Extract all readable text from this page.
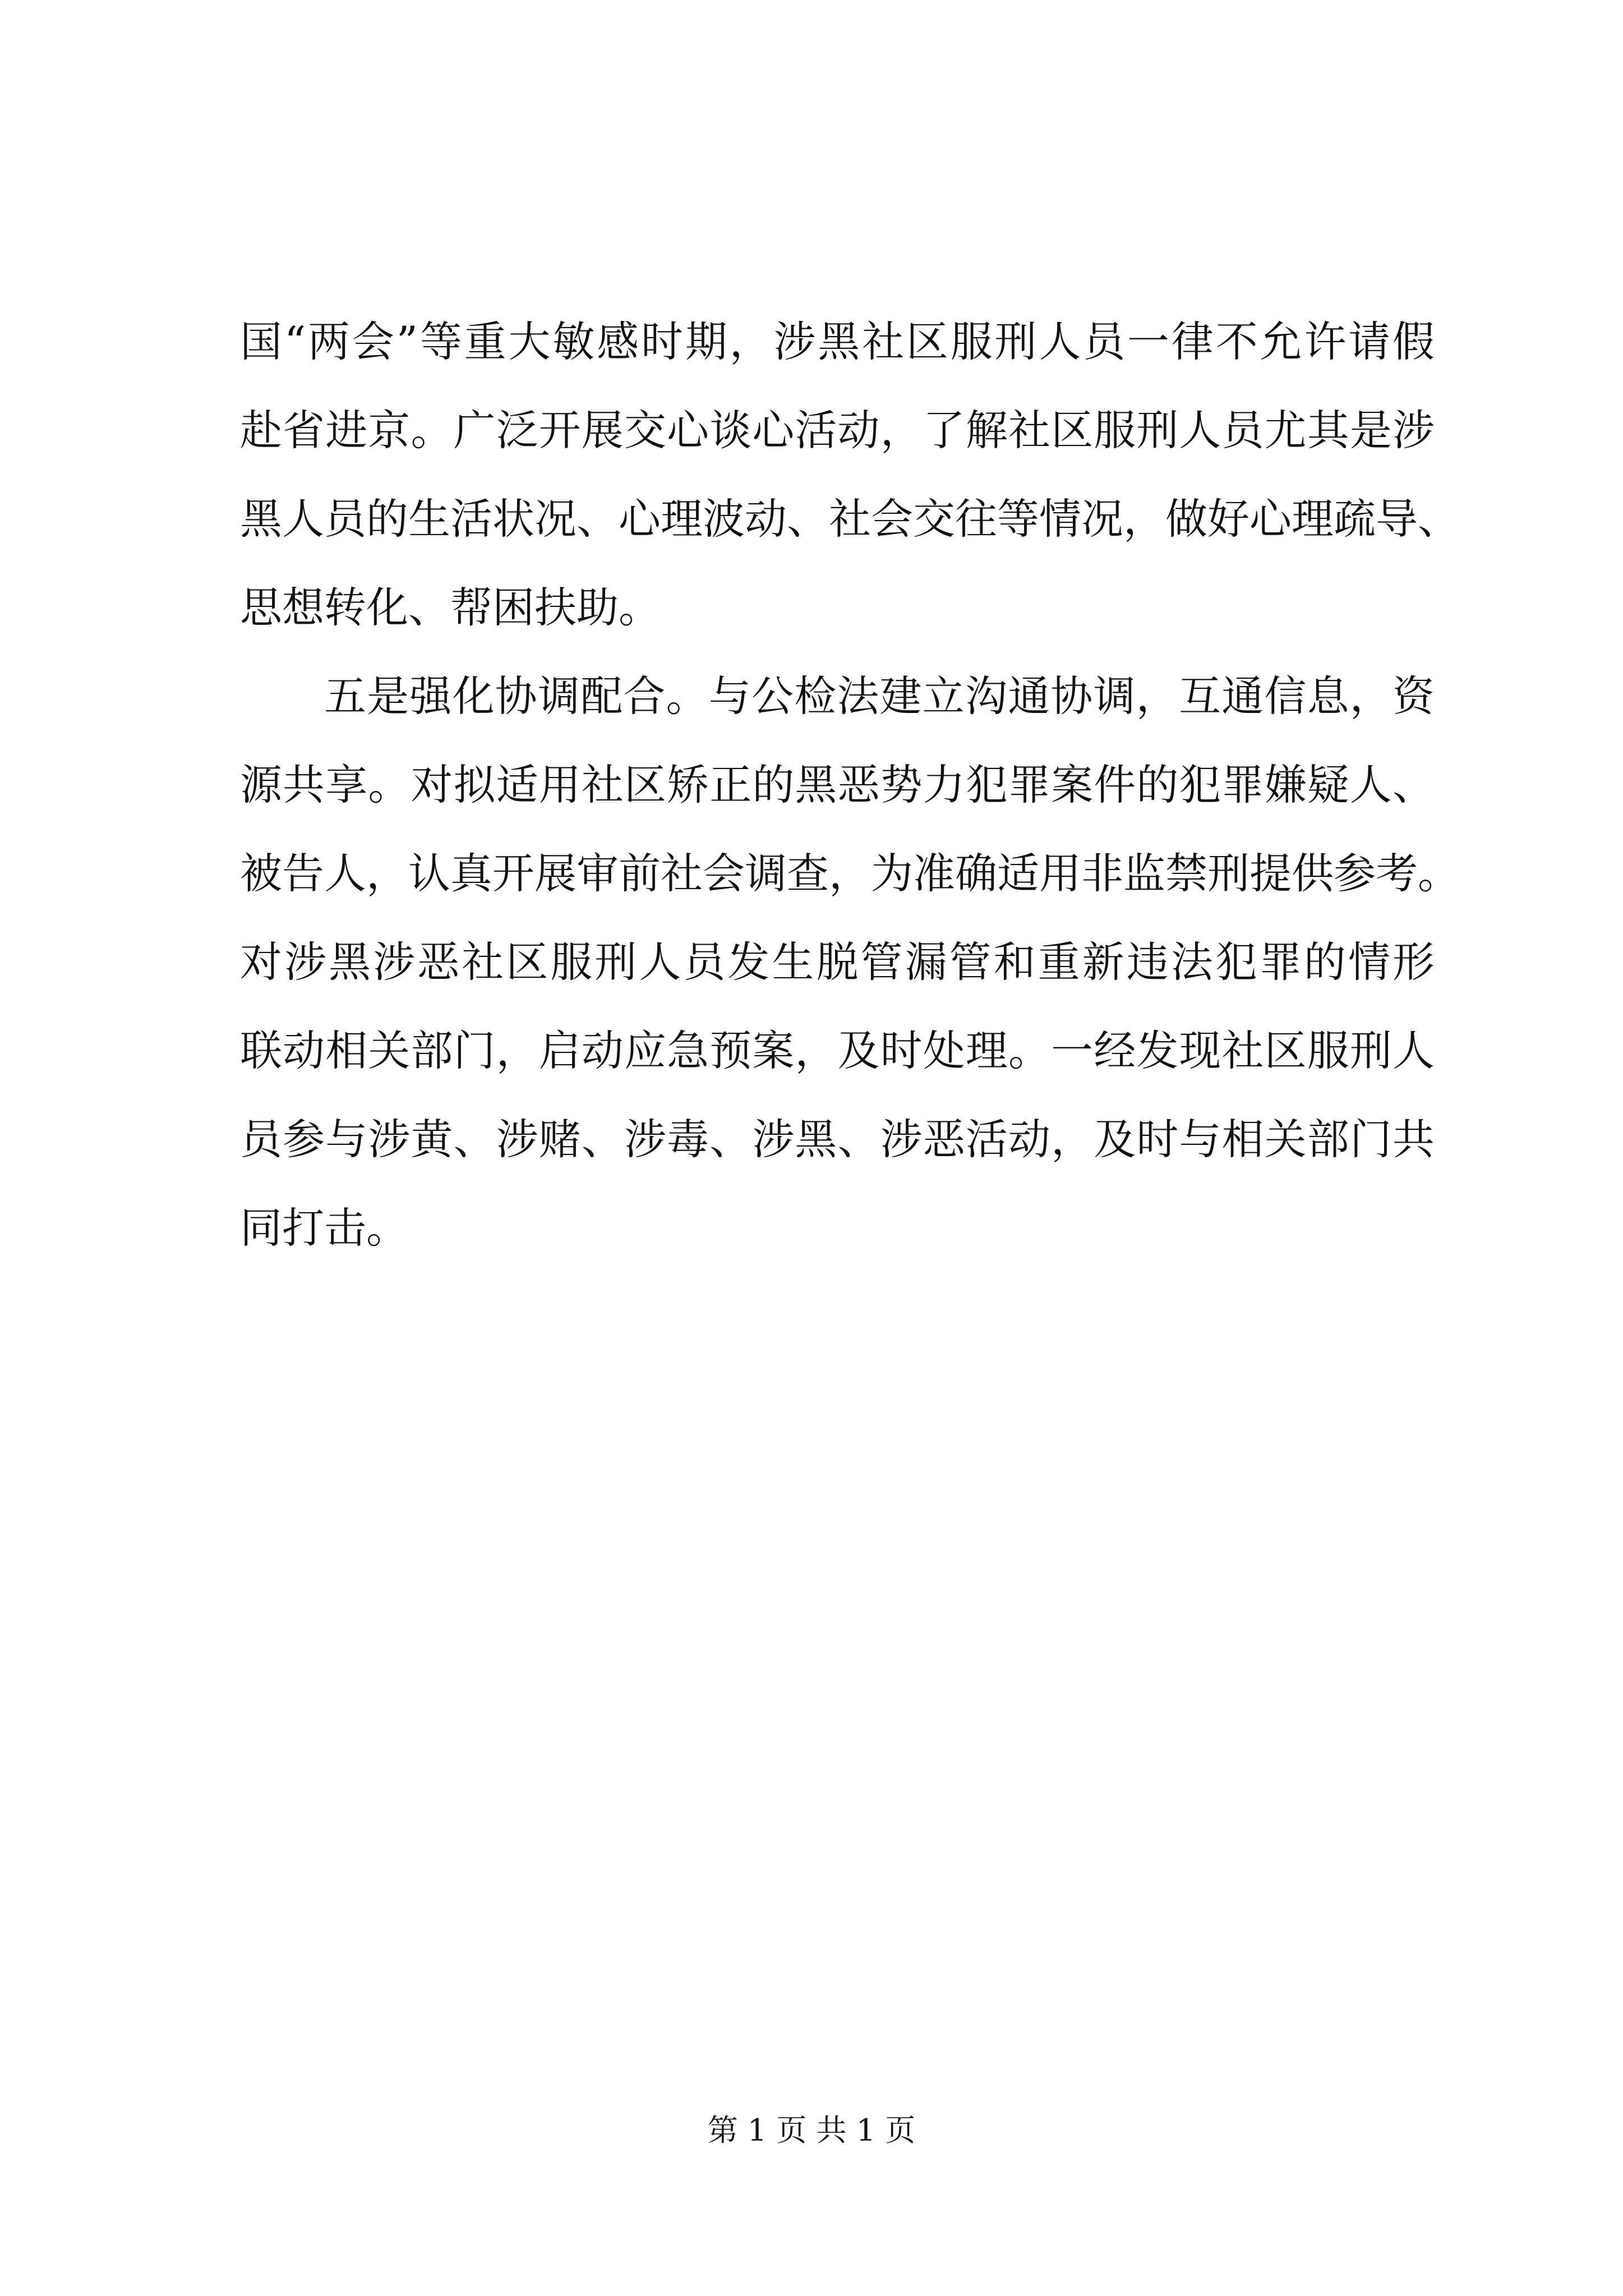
国“两会”等重大敏感时期，涉黑社区服刑人员一律不允许请假
赴省进京。广泛开展交心谈心活动，了解社区服刑人员尤其是涉
黑人员的生活状况、心理波动、社会交往等情况，做好心理疏导、
思想转化、帮困扶助。
五是强化协调配合。与公检法建立沟通协调，互通信息，资
源共享。对拟适用社区矫正的黑恶势力犯罪案件的犯罪嫌疑人、
被告人，认真开展审前社会调查，为准确适用非监禁刑提供参考。
对涉黑涉恶社区服刑人员发生脱管漏管和重新违法犯罪的情形
联动相关部门，启动应急预案，及时处理。一经发现社区服刑人
员参与涉黄、涉赌、涉毒、涉黑、涉恶活动，及时与相关部门共
同打击。
第 1 页 共 1 页
